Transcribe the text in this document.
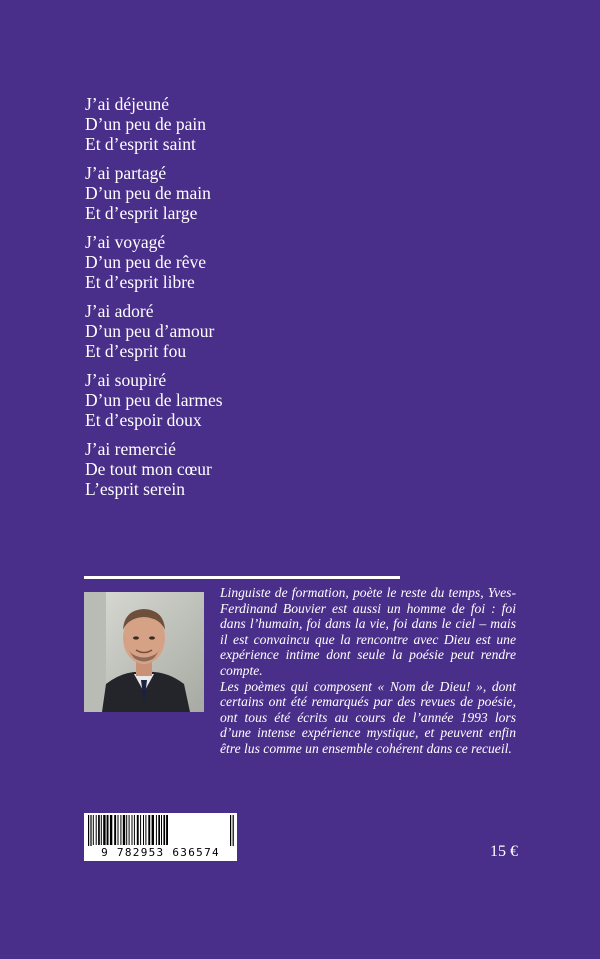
J’ai déjeuné
D’un peu de pain
Et d’esprit saint
J’ai partagé
D’un peu de main
Et d’esprit large
J’ai voyagé
D’un peu de rêve
Et d’esprit libre
J’ai adoré
D’un peu d’amour
Et d’esprit fou
J’ai soupiré
D’un peu de larmes
Et d’espoir doux
J’ai remercié
De tout mon cœur
L’esprit serein

Linguiste de formation, poète le reste du temps, Yves-Ferdinand Bouvier est aussi un homme de foi : foi dans l’humain, foi dans la vie, foi dans le ciel – mais il est convaincu que la rencontre avec Dieu est une expérience intime dont seule la poésie peut rendre compte.

Les poèmes qui composent « Nom de Dieu! », dont certains ont été remarqués par des revues de poésie, ont tous été écrits au cours de l’année 1993 lors d’une intense expérience mystique, et peuvent enfin être lus comme un ensemble cohérent dans ce recueil.

9 782953 636574	15 €
